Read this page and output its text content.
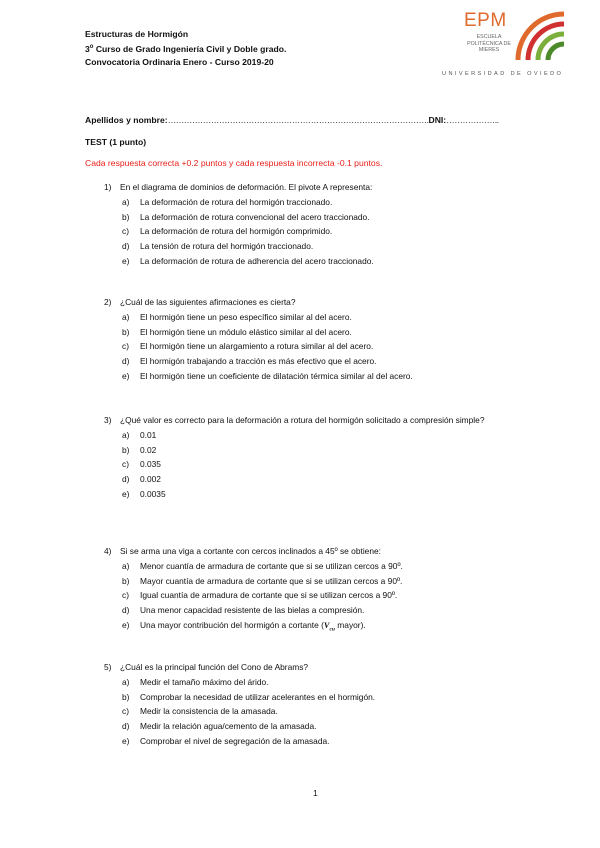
Estructuras de Hormigón
3$^o$ Curso de Grado Ingeniería Civil y Doble grado.
Convocatoria Ordinaria Enero - Curso 2019-20
EPM
ESCUELA
POLITÉCNICA DE
MIERES
UNIVERSIDAD DE OVIEDO
Apellidos y nombre:…………………………………………………………………………………….DNI:………………..
TEST (1 punto)
Cada respuesta correcta +0.2 puntos y cada respuesta incorrecta -0.1 puntos.
1) En el diagrama de dominios de deformación. El pivote A representa:
a) La deformación de rotura del hormigón traccionado.
b) La deformación de rotura convencional del acero traccionado.
c) La deformación de rotura del hormigón comprimido.
d) La tensión de rotura del hormigón traccionado.
e) La deformación de rotura de adherencia del acero traccionado.
2) ¿Cuál de las siguientes afirmaciones es cierta?
a) El hormigón tiene un peso específico similar al del acero.
b) El hormigón tiene un módulo elástico similar al del acero.
c) El hormigón tiene un alargamiento a rotura similar al del acero.
d) El hormigón trabajando a tracción es más efectivo que el acero.
e) El hormigón tiene un coeficiente de dilatación térmica similar al del acero.
3) ¿Qué valor es correcto para la deformación a rotura del hormigón solicitado a compresión simple?
a) 0.01
b) 0.02
c) 0.035
d) 0.002
e) 0.0035
4) Si se arma una viga a cortante con cercos inclinados a 45º se obtiene:
a) Menor cuantía de armadura de cortante que si se utilizan cercos a 90º.
b) Mayor cuantía de armadura de cortante que si se utilizan cercos a 90º.
c) Igual cuantía de armadura de cortante que si se utilizan cercos a 90º.
d) Una menor capacidad resistente de las bielas a compresión.
e) Una mayor contribución del hormigón a cortante ($V_{cu}$ mayor).
5) ¿Cuál es la principal función del Cono de Abrams?
a) Medir el tamaño máximo del árido.
b) Comprobar la necesidad de utilizar acelerantes en el hormigón.
c) Medir la consistencia de la amasada.
d) Medir la relación agua/cemento de la amasada.
e) Comprobar el nivel de segregación de la amasada.
1
